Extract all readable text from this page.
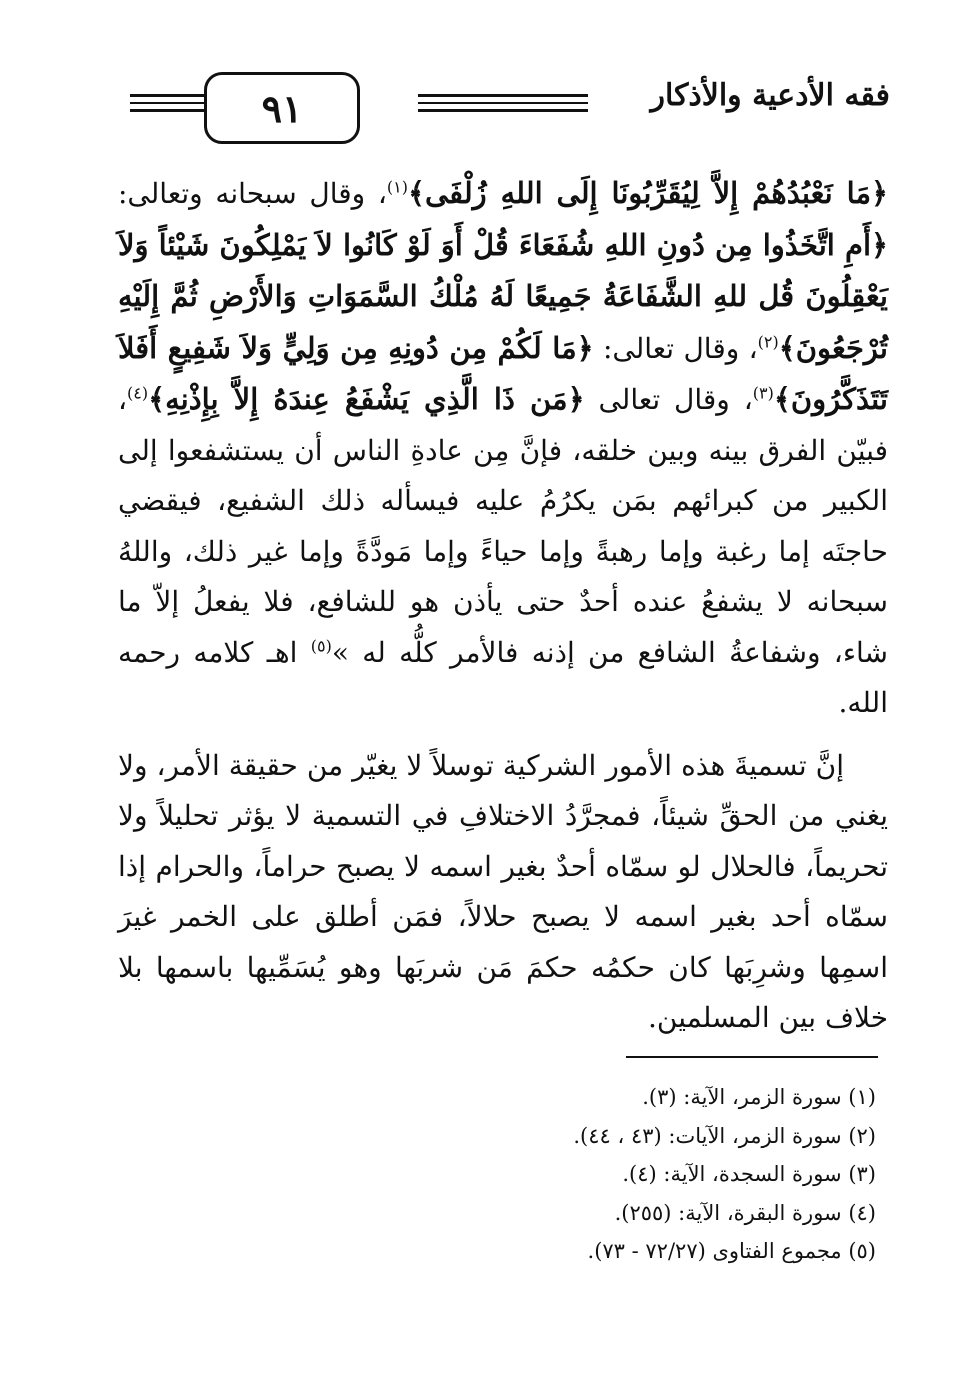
٩١	فقه الأدعية والأذكار

﴿مَا نَعْبُدُهُمْ إِلاَّ لِيُقَرِّبُونَا إِلَى اللهِ زُلْفَى﴾$^{(١)}$، وقال سبحانه وتعالى: ﴿أَمِ اتَّخَذُوا مِن دُونِ اللهِ شُفَعَاءَ قُلْ أَوَ لَوْ كَانُوا لاَ يَمْلِكُونَ شَيْئاً وَلاَ يَعْقِلُونَ قُل للهِ الشَّفَاعَةُ جَمِيعًا لَهُ مُلْكُ السَّمَوَاتِ وَالأَرْضِ ثُمَّ إِلَيْهِ تُرْجَعُونَ﴾$^{(٢)}$، وقال تعالى: ﴿مَا لَكُمْ مِن دُونِهِ مِن وَلِيٍّ وَلاَ شَفِيعٍ أَفَلاَ تَتَذَكَّرُونَ﴾$^{(٣)}$، وقال تعالى ﴿مَن ذَا الَّذِي يَشْفَعُ عِندَهُ إِلاَّ بِإِذْنِهِ﴾$^{(٤)}$، فبيّن الفرق بينه وبين خلقه، فإنَّ مِن عادةِ الناس أن يستشفعوا إلى الكبير من كبرائهم بمَن يكرُمُ عليه فيسأله ذلك الشفيع، فيقضي حاجتَه إما رغبة وإما رهبةً وإما حياءً وإما مَودَّةً وإما غير ذلك، واللهُ سبحانه لا يشفعُ عنده أحدٌ حتى يأذن هو للشافع، فلا يفعلُ إلاّ ما شاء، وشفاعةُ الشافع من إذنه فالأمر كلُّه له »$^{(٥)}$ اهـ كلامه رحمه الله.

إنَّ تسميةَ هذه الأمور الشركية توسلاً لا يغيّر من حقيقة الأمر، ولا يغني من الحقِّ شيئاً، فمجرَّدُ الاختلافِ في التسمية لا يؤثر تحليلاً ولا تحريماً، فالحلال لو سمّاه أحدٌ بغير اسمه لا يصبح حراماً، والحرام إذا سمّاه أحد بغير اسمه لا يصبح حلالاً، فمَن أطلق على الخمر غيرَ اسمِها وشرِبَها كان حكمُه حكمَ مَن شربَها وهو يُسَمِّيها باسمها بلا خلاف بين المسلمين.

(١) سورة الزمر، الآية: (٣).
(٢) سورة الزمر، الآيات: (٤٣ ، ٤٤).
(٣) سورة السجدة، الآية: (٤).
(٤) سورة البقرة، الآية: (٢٥٥).
(٥) مجموع الفتاوى (٧٢/٢٧ - ٧٣).
